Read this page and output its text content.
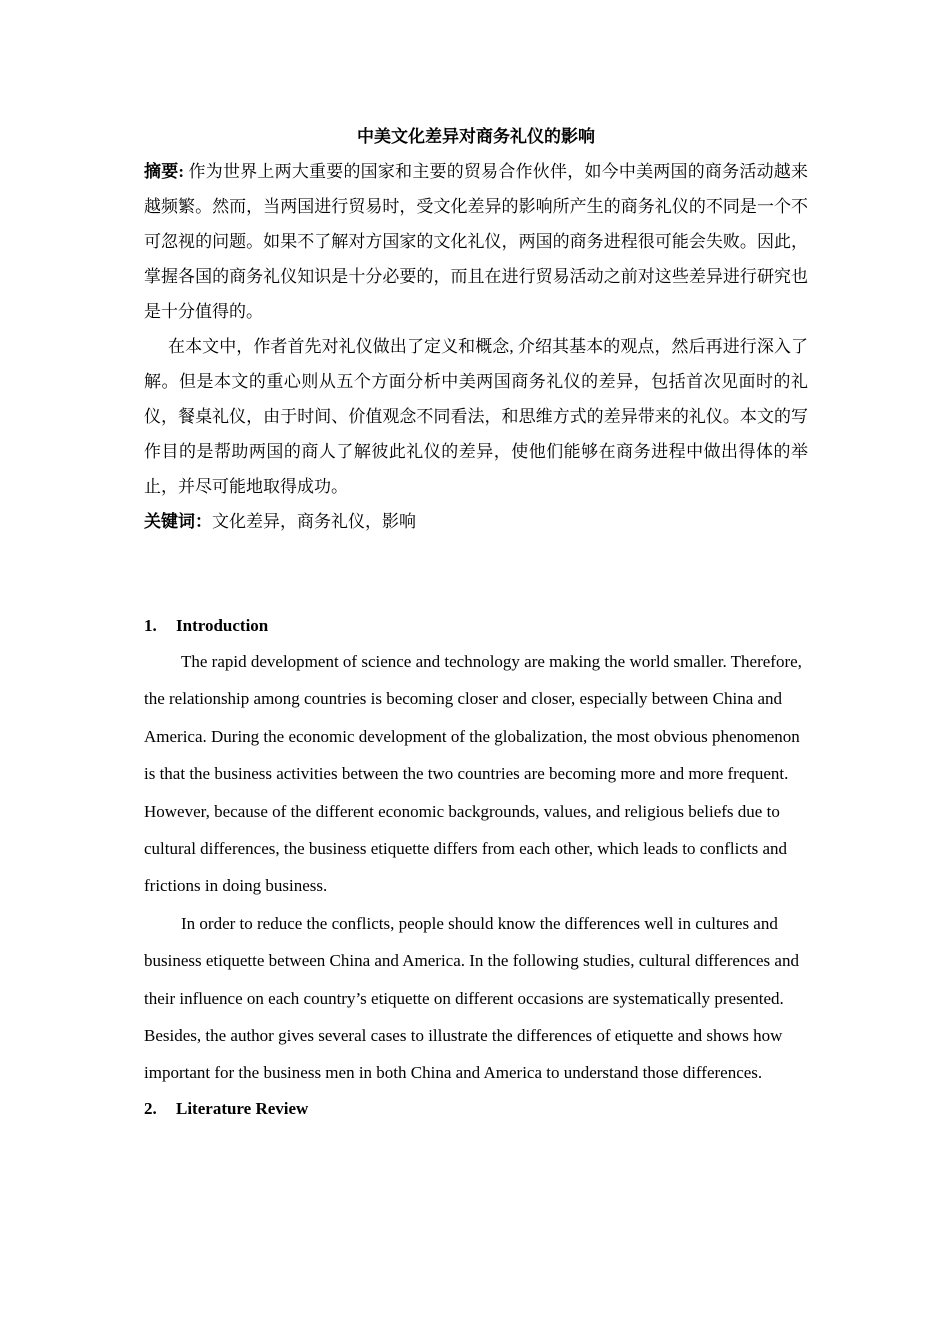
中美文化差异对商务礼仪的影响

摘要: 作为世界上两大重要的国家和主要的贸易合作伙伴，如今中美两国的商务活动越来越频繁。然而，当两国进行贸易时，受文化差异的影响所产生的商务礼仪的不同是一个不可忽视的问题。如果不了解对方国家的文化礼仪，两国的商务进程很可能会失败。因此，掌握各国的商务礼仪知识是十分必要的，而且在进行贸易活动之前对这些差异进行研究也是十分值得的。

在本文中，作者首先对礼仪做出了定义和概念, 介绍其基本的观点，然后再进行深入了解。但是本文的重心则从五个方面分析中美两国商务礼仪的差异，包括首次见面时的礼仪，餐桌礼仪，由于时间、价值观念不同看法，和思维方式的差异带来的礼仪。本文的写作目的是帮助两国的商人了解彼此礼仪的差异，使他们能够在商务进程中做出得体的举止，并尽可能地取得成功。

关键词：文化差异，商务礼仪，影响

1.	Introduction

The rapid development of science and technology are making the world smaller. Therefore, the relationship among countries is becoming closer and closer, especially between China and America. During the economic development of the globalization, the most obvious phenomenon is that the business activities between the two countries are becoming more and more frequent. However, because of the different economic backgrounds, values, and religious beliefs due to cultural differences, the business etiquette differs from each other, which leads to conflicts and frictions in doing business.

In order to reduce the conflicts, people should know the differences well in cultures and business etiquette between China and America. In the following studies, cultural differences and their influence on each country’s etiquette on different occasions are systematically presented. Besides, the author gives several cases to illustrate the differences of etiquette and shows how important for the business men in both China and America to understand those differences.

2.	Literature Review
